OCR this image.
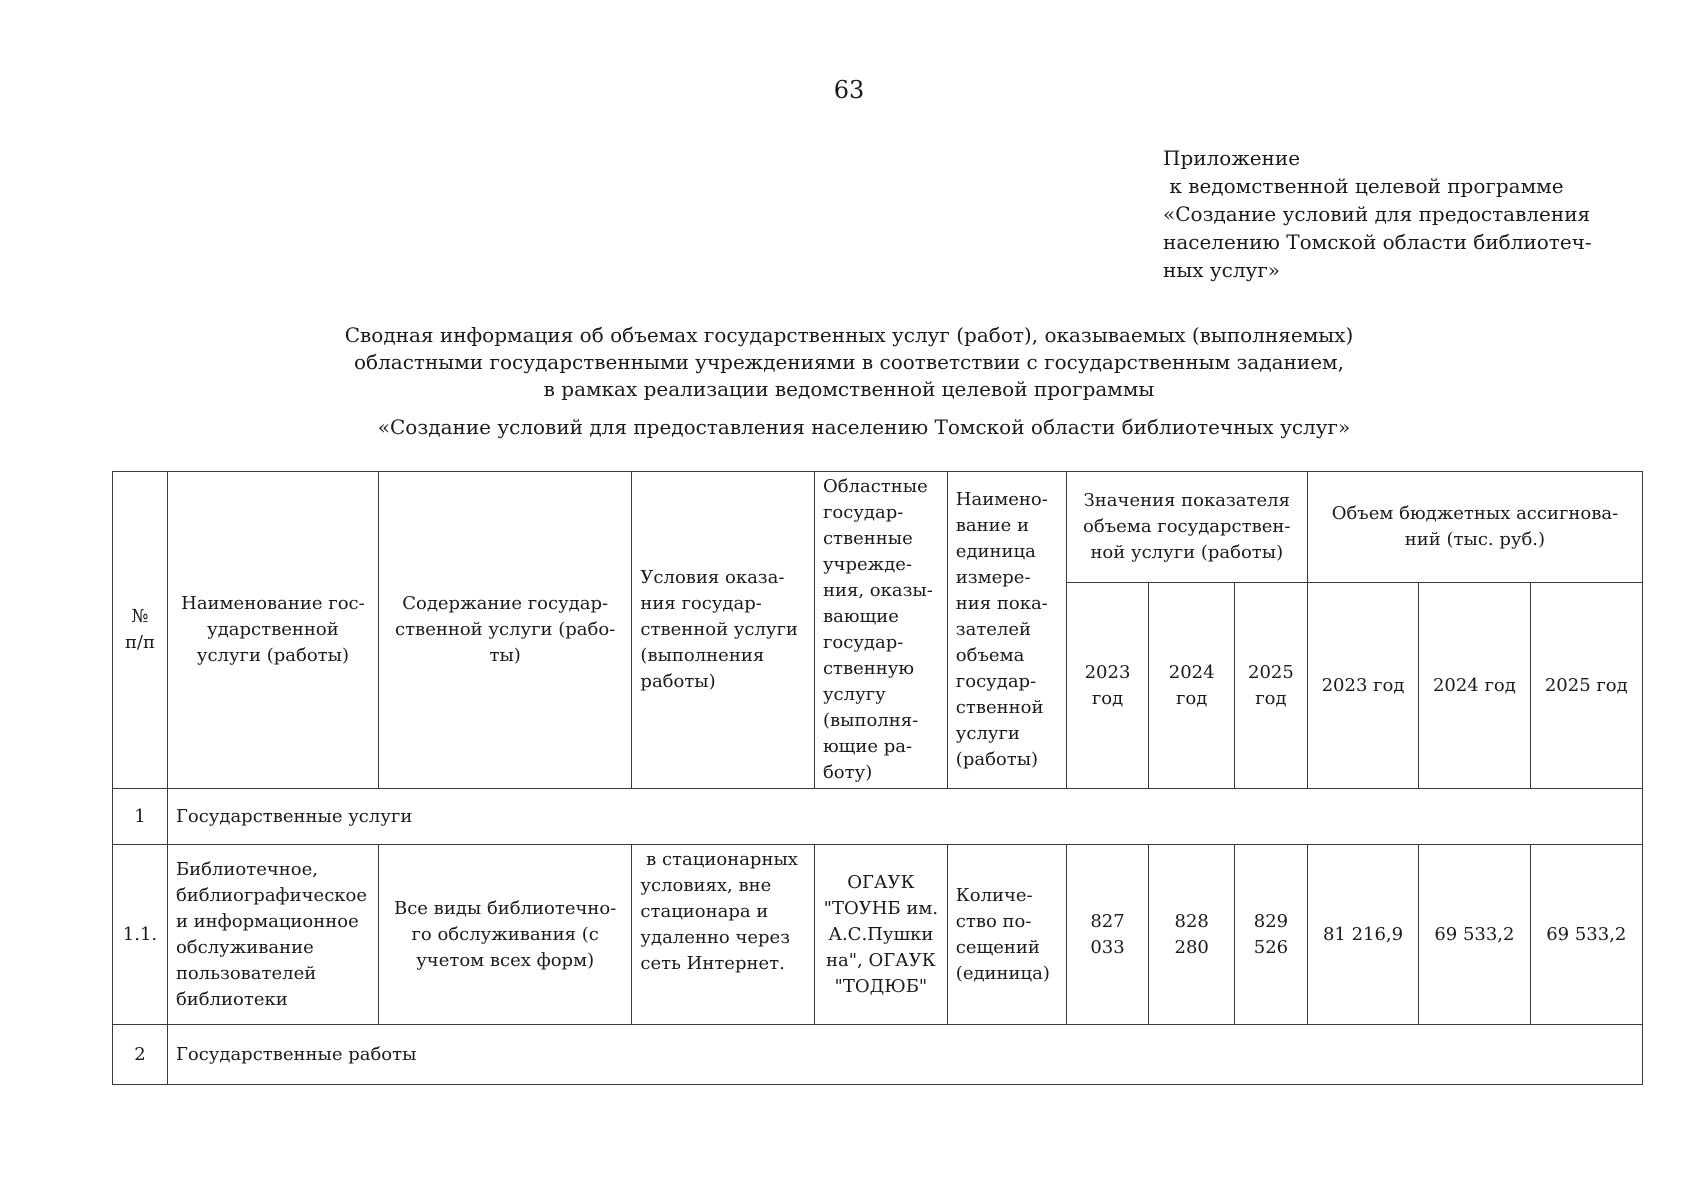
63
Приложение
к ведомственной целевой программе
«Создание условий для предоставления
населению Томской области библиотеч-
ных услуг»
Сводная информация об объемах государственных услуг (работ), оказываемых (выполняемых)
областными государственными учреждениями в соответствии с государственным заданием,
в рамках реализации ведомственной целевой программы
«Создание условий для предоставления населению Томской области библиотечных услуг»
№ п/п	Наименование гос-ударственной услуги (работы)	Содержание государ-ственной услуги (рабо-ты)	Условия оказа-ния государ-ственной услуги (выполнения работы)	Областные государ-ственные учрежде-ния, оказы-вающие государ-ственную услугу (выполня-ющие ра-боту)	Наимено-вание и единица измере-ния пока-зателей объема государ-ственной услуги (работы)	Значения показателя объема государствен-ной услуги (работы)			Объем бюджетных ассигнова-ний (тыс. руб.)		
						2023 год	2024 год	2025 год	2023 год	2024 год	2025 год
1	Государственные услуги										
1.1.	Библиотечное, библиографическое и информационное обслуживание пользователей библиотеки	Все виды библиотечно-го обслуживания (с учетом всех форм)	в стационарных условиях, вне стационара и удаленно через сеть Интернет.	ОГАУК "ТОУНБ им. А.С.Пушки на", ОГАУК "ТОДЮБ"	Количе-ство по-сещений (единица)	827 033	828 280	829 526	81 216,9	69 533,2	69 533,2
2	Государственные работы										
